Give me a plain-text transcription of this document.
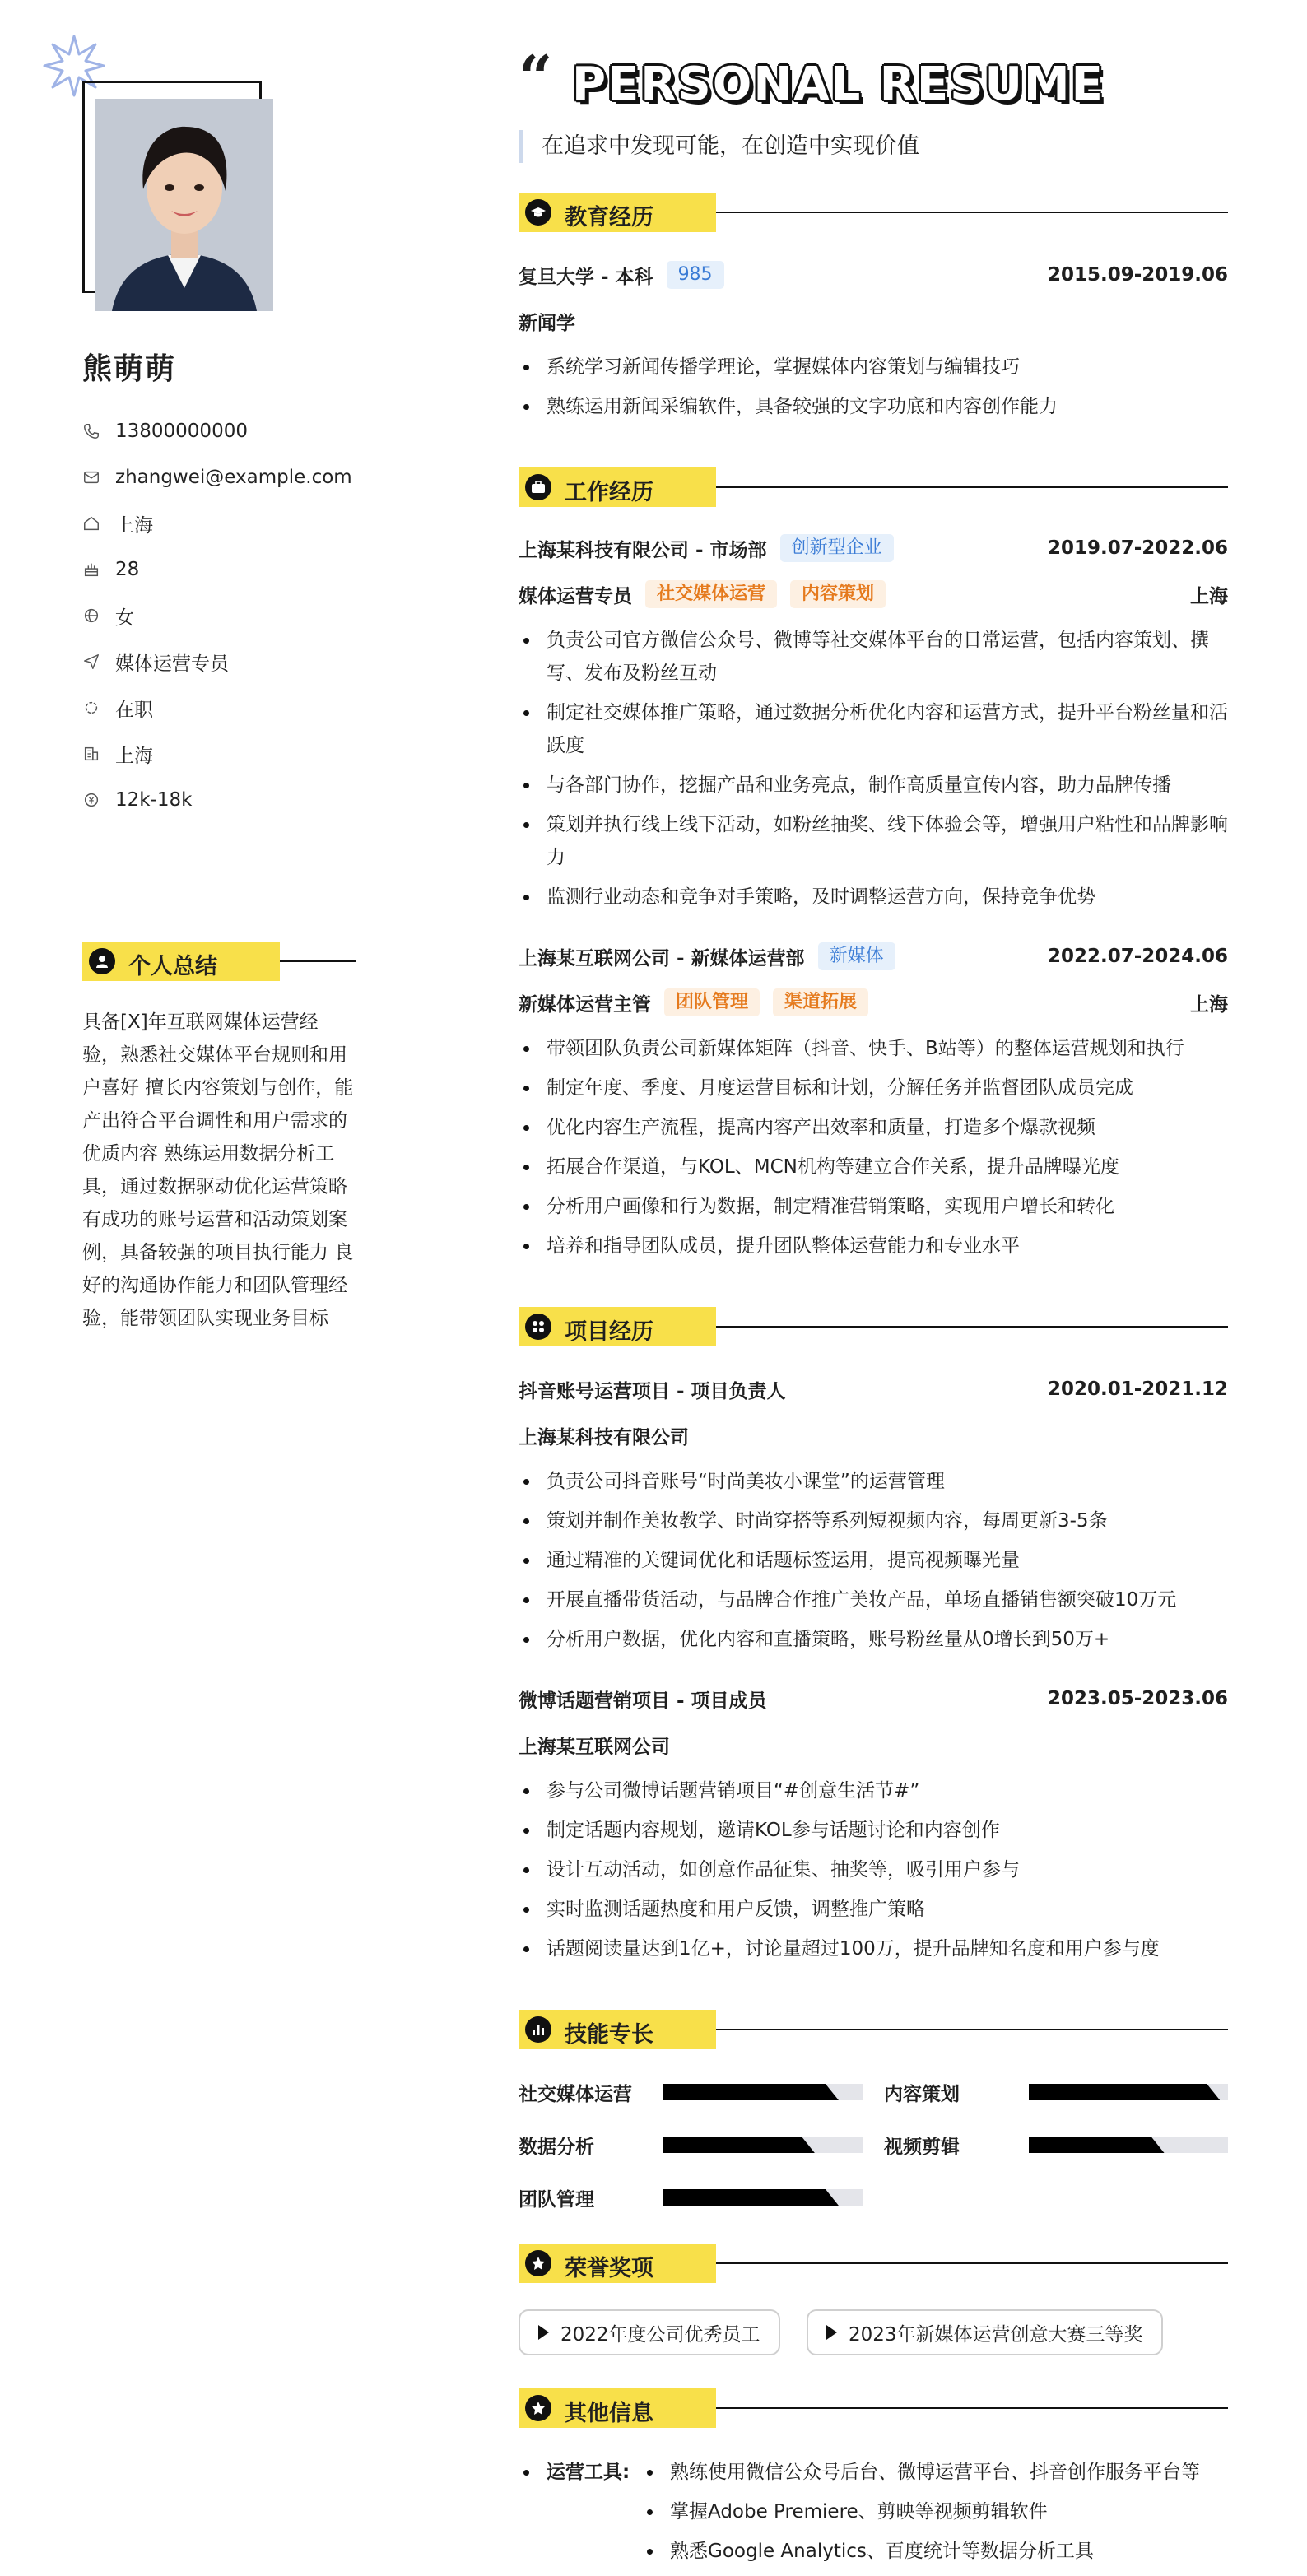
熊萌萌
13800000000
zhangwei@example.com
上海
28
女
媒体运营专员
在职
上海
12k-18k
个人总结
具备[X]年互联网媒体运营经验，熟悉社交媒体平台规则和用户喜好 擅长内容策划与创作，能产出符合平台调性和用户需求的优质内容 熟练运用数据分析工具，通过数据驱动优化运营策略 有成功的账号运营和活动策划案例，具备较强的项目执行能力 良好的沟通协作能力和团队管理经验，能带领团队实现业务目标
“ PERSONAL RESUME
在追求中发现可能，在创造中实现价值
教育经历
复旦大学 - 本科	985	2015.09-2019.06
新闻学
系统学习新闻传播学理论，掌握媒体内容策划与编辑技巧
熟练运用新闻采编软件，具备较强的文字功底和内容创作能力
工作经历
上海某科技有限公司 - 市场部	创新型企业	2019.07-2022.06
媒体运营专员	社交媒体运营	内容策划	上海
负责公司官方微信公众号、微博等社交媒体平台的日常运营，包括内容策划、撰写、发布及粉丝互动
制定社交媒体推广策略，通过数据分析优化内容和运营方式，提升平台粉丝量和活跃度
与各部门协作，挖掘产品和业务亮点，制作高质量宣传内容，助力品牌传播
策划并执行线上线下活动，如粉丝抽奖、线下体验会等，增强用户粘性和品牌影响力
监测行业动态和竞争对手策略，及时调整运营方向，保持竞争优势
上海某互联网公司 - 新媒体运营部	新媒体	2022.07-2024.06
新媒体运营主管	团队管理	渠道拓展	上海
带领团队负责公司新媒体矩阵（抖音、快手、B站等）的整体运营规划和执行
制定年度、季度、月度运营目标和计划，分解任务并监督团队成员完成
优化内容生产流程，提高内容产出效率和质量，打造多个爆款视频
拓展合作渠道，与KOL、MCN机构等建立合作关系，提升品牌曝光度
分析用户画像和行为数据，制定精准营销策略，实现用户增长和转化
培养和指导团队成员，提升团队整体运营能力和专业水平
项目经历
抖音账号运营项目 - 项目负责人	2020.01-2021.12
上海某科技有限公司
负责公司抖音账号“时尚美妆小课堂”的运营管理
策划并制作美妆教学、时尚穿搭等系列短视频内容，每周更新3-5条
通过精准的关键词优化和话题标签运用，提高视频曝光量
开展直播带货活动，与品牌合作推广美妆产品，单场直播销售额突破10万元
分析用户数据，优化内容和直播策略，账号粉丝量从0增长到50万+
微博话题营销项目 - 项目成员	2023.05-2023.06
上海某互联网公司
参与公司微博话题营销项目“#创意生活节#”
制定话题内容规划，邀请KOL参与话题讨论和内容创作
设计互动活动，如创意作品征集、抽奖等，吸引用户参与
实时监测话题热度和用户反馈，调整推广策略
话题阅读量达到1亿+，讨论量超过100万，提升品牌知名度和用户参与度
技能专长
社交媒体运营	内容策划
数据分析	视频剪辑
团队管理
荣誉奖项
2022年度公司优秀员工	2023年新媒体运营创意大赛三等奖
其他信息
运营工具:	熟练使用微信公众号后台、微博运营平台、抖音创作服务平台等
掌握Adobe Premiere、剪映等视频剪辑软件
熟悉Google Analytics、百度统计等数据分析工具
